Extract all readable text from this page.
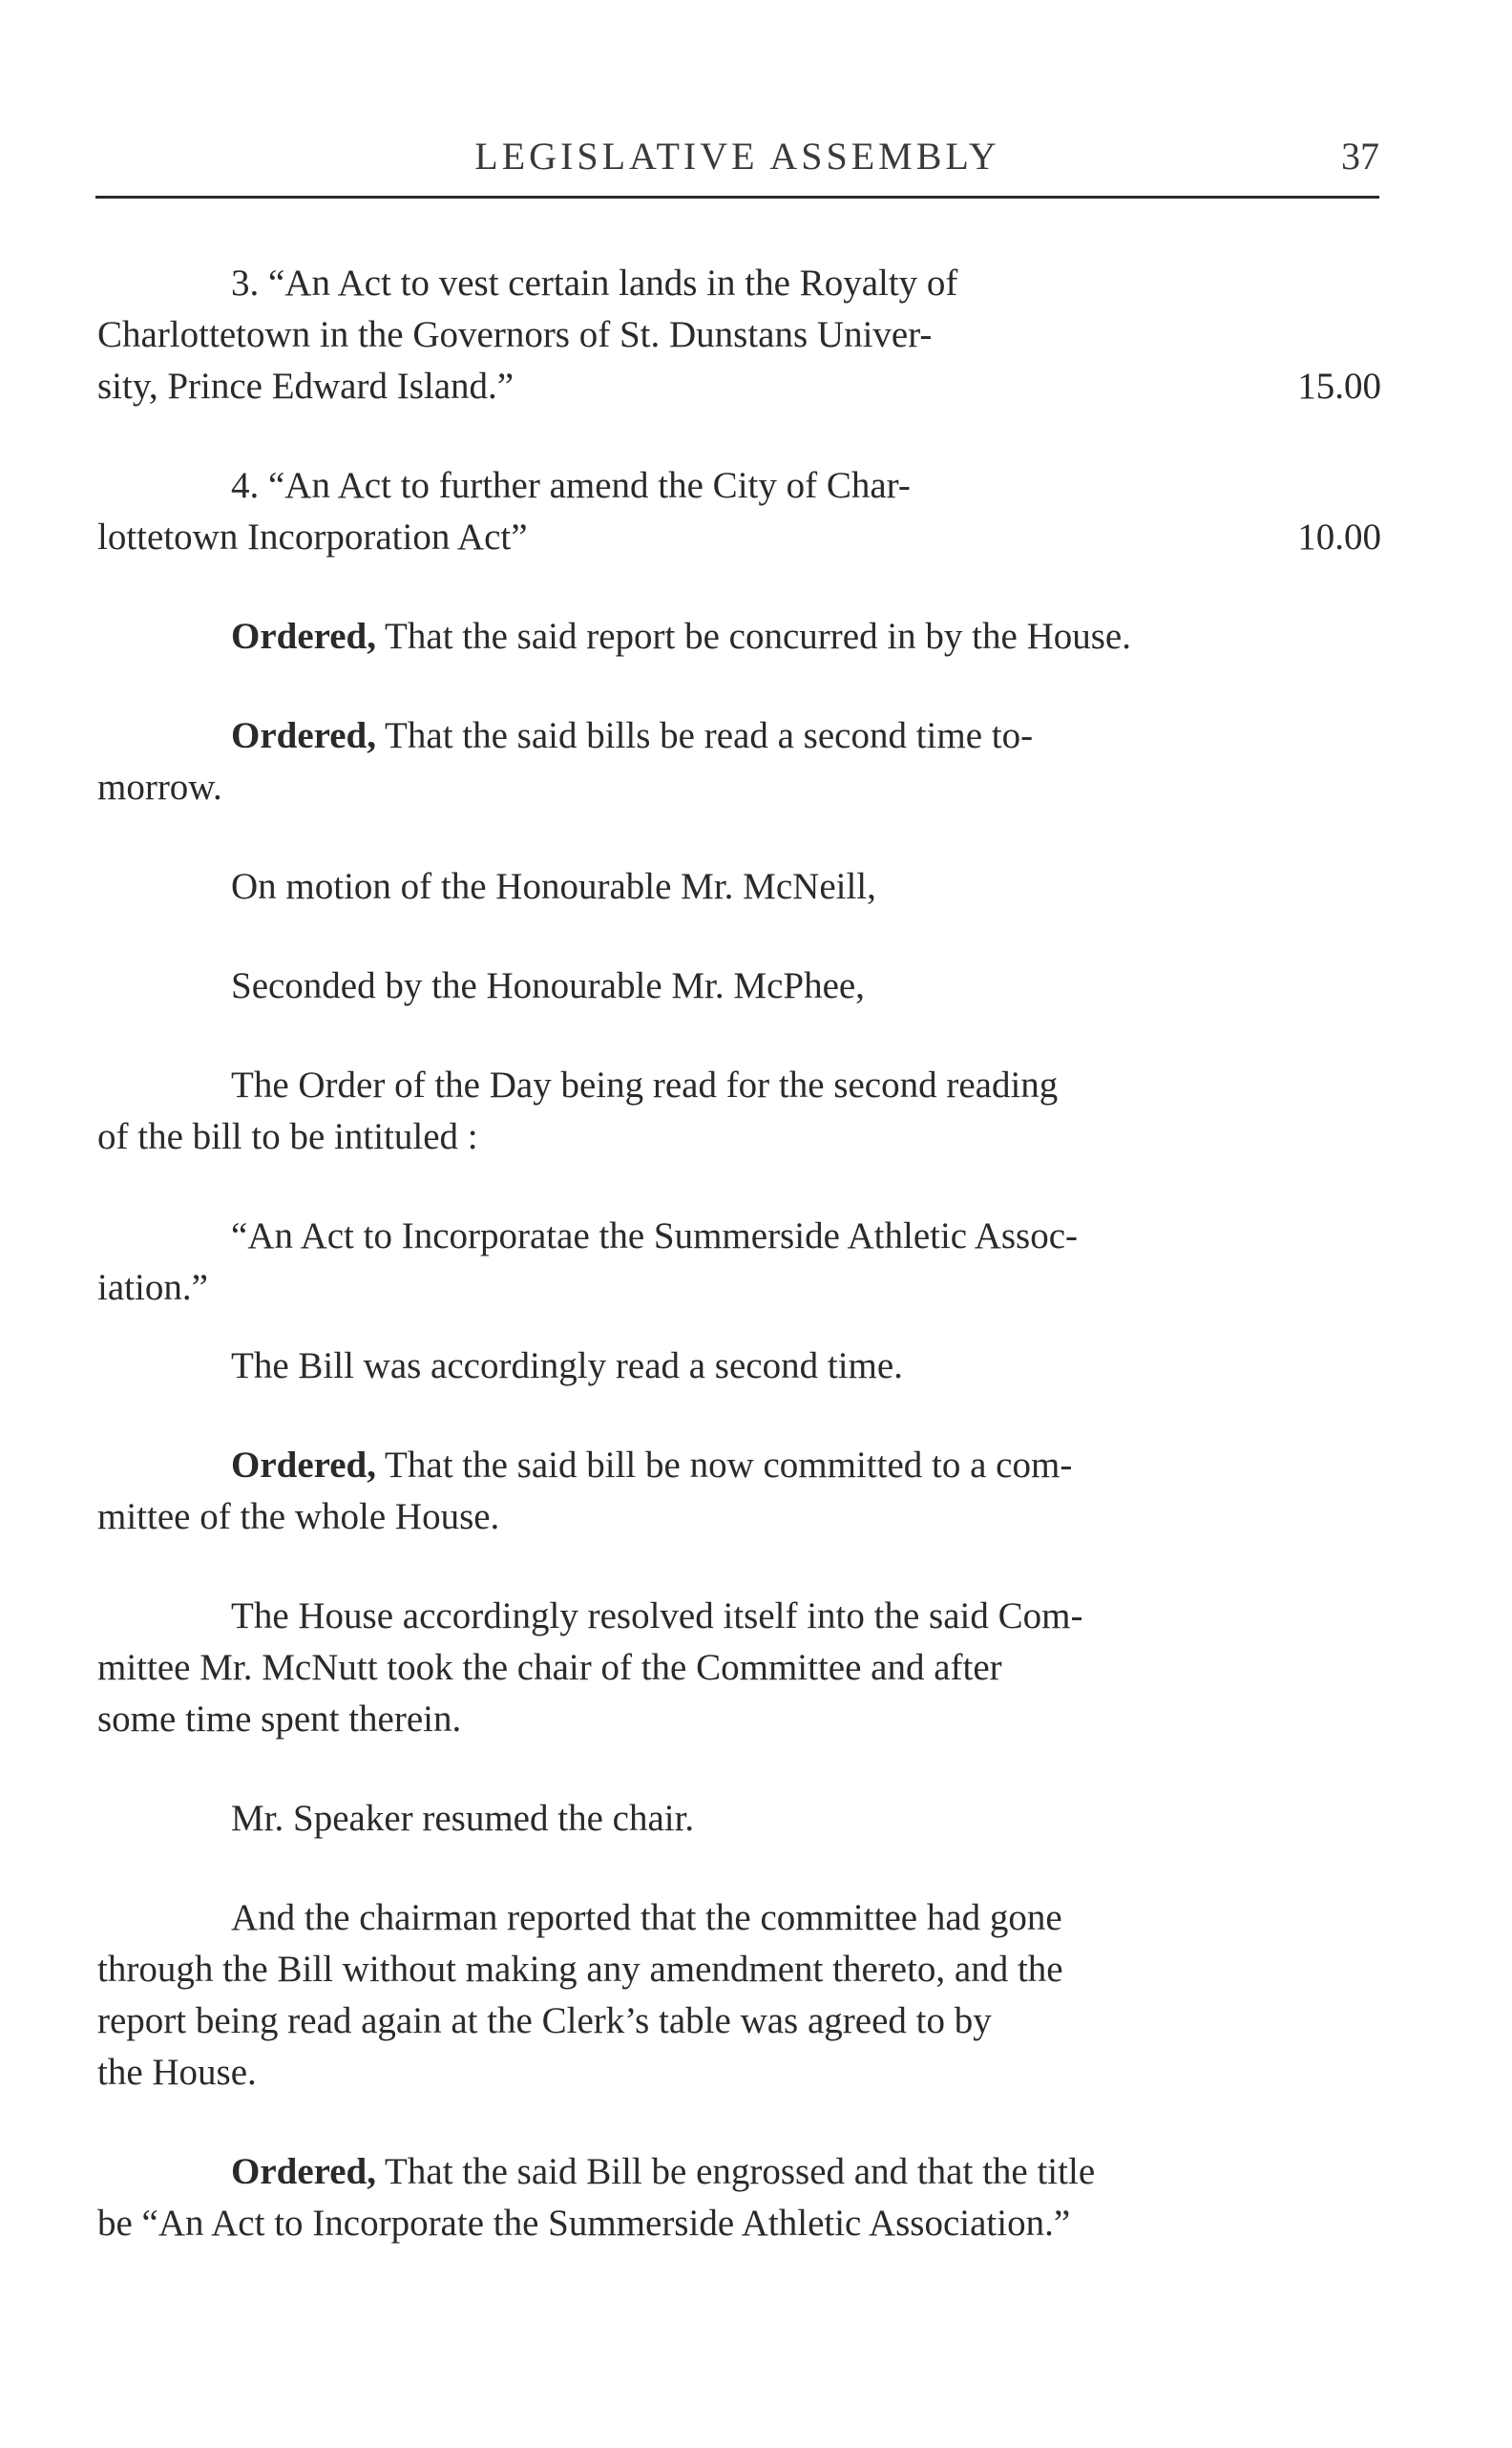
LEGISLATIVE ASSEMBLY	37
3. “An Act to vest certain lands in the Royalty of
Charlottetown in the Governors of St. Dunstans Univer-
sity, Prince Edward Island.”	15.00
4. “An Act to further amend the City of Char-
lottetown Incorporation Act”	10.00
Ordered, That the said report be concurred in by the House.
Ordered, That the said bills be read a second time to-
morrow.
On motion of the Honourable Mr. McNeill,
Seconded by the Honourable Mr. McPhee,
The Order of the Day being read for the second reading
of the bill to be intituled :
“An Act to Incorporatae the Summerside Athletic Assoc-
iation.”
The Bill was accordingly read a second time.
Ordered, That the said bill be now committed to a com-
mittee of the whole House.
The House accordingly resolved itself into the said Com-
mittee Mr. McNutt took the chair of the Committee and after
some time spent therein.
Mr. Speaker resumed the chair.
And the chairman reported that the committee had gone
through the Bill without making any amendment thereto, and the
report being read again at the Clerk’s table was agreed to by
the House.
Ordered, That the said Bill be engrossed and that the title
be “An Act to Incorporate the Summerside Athletic Association.”
